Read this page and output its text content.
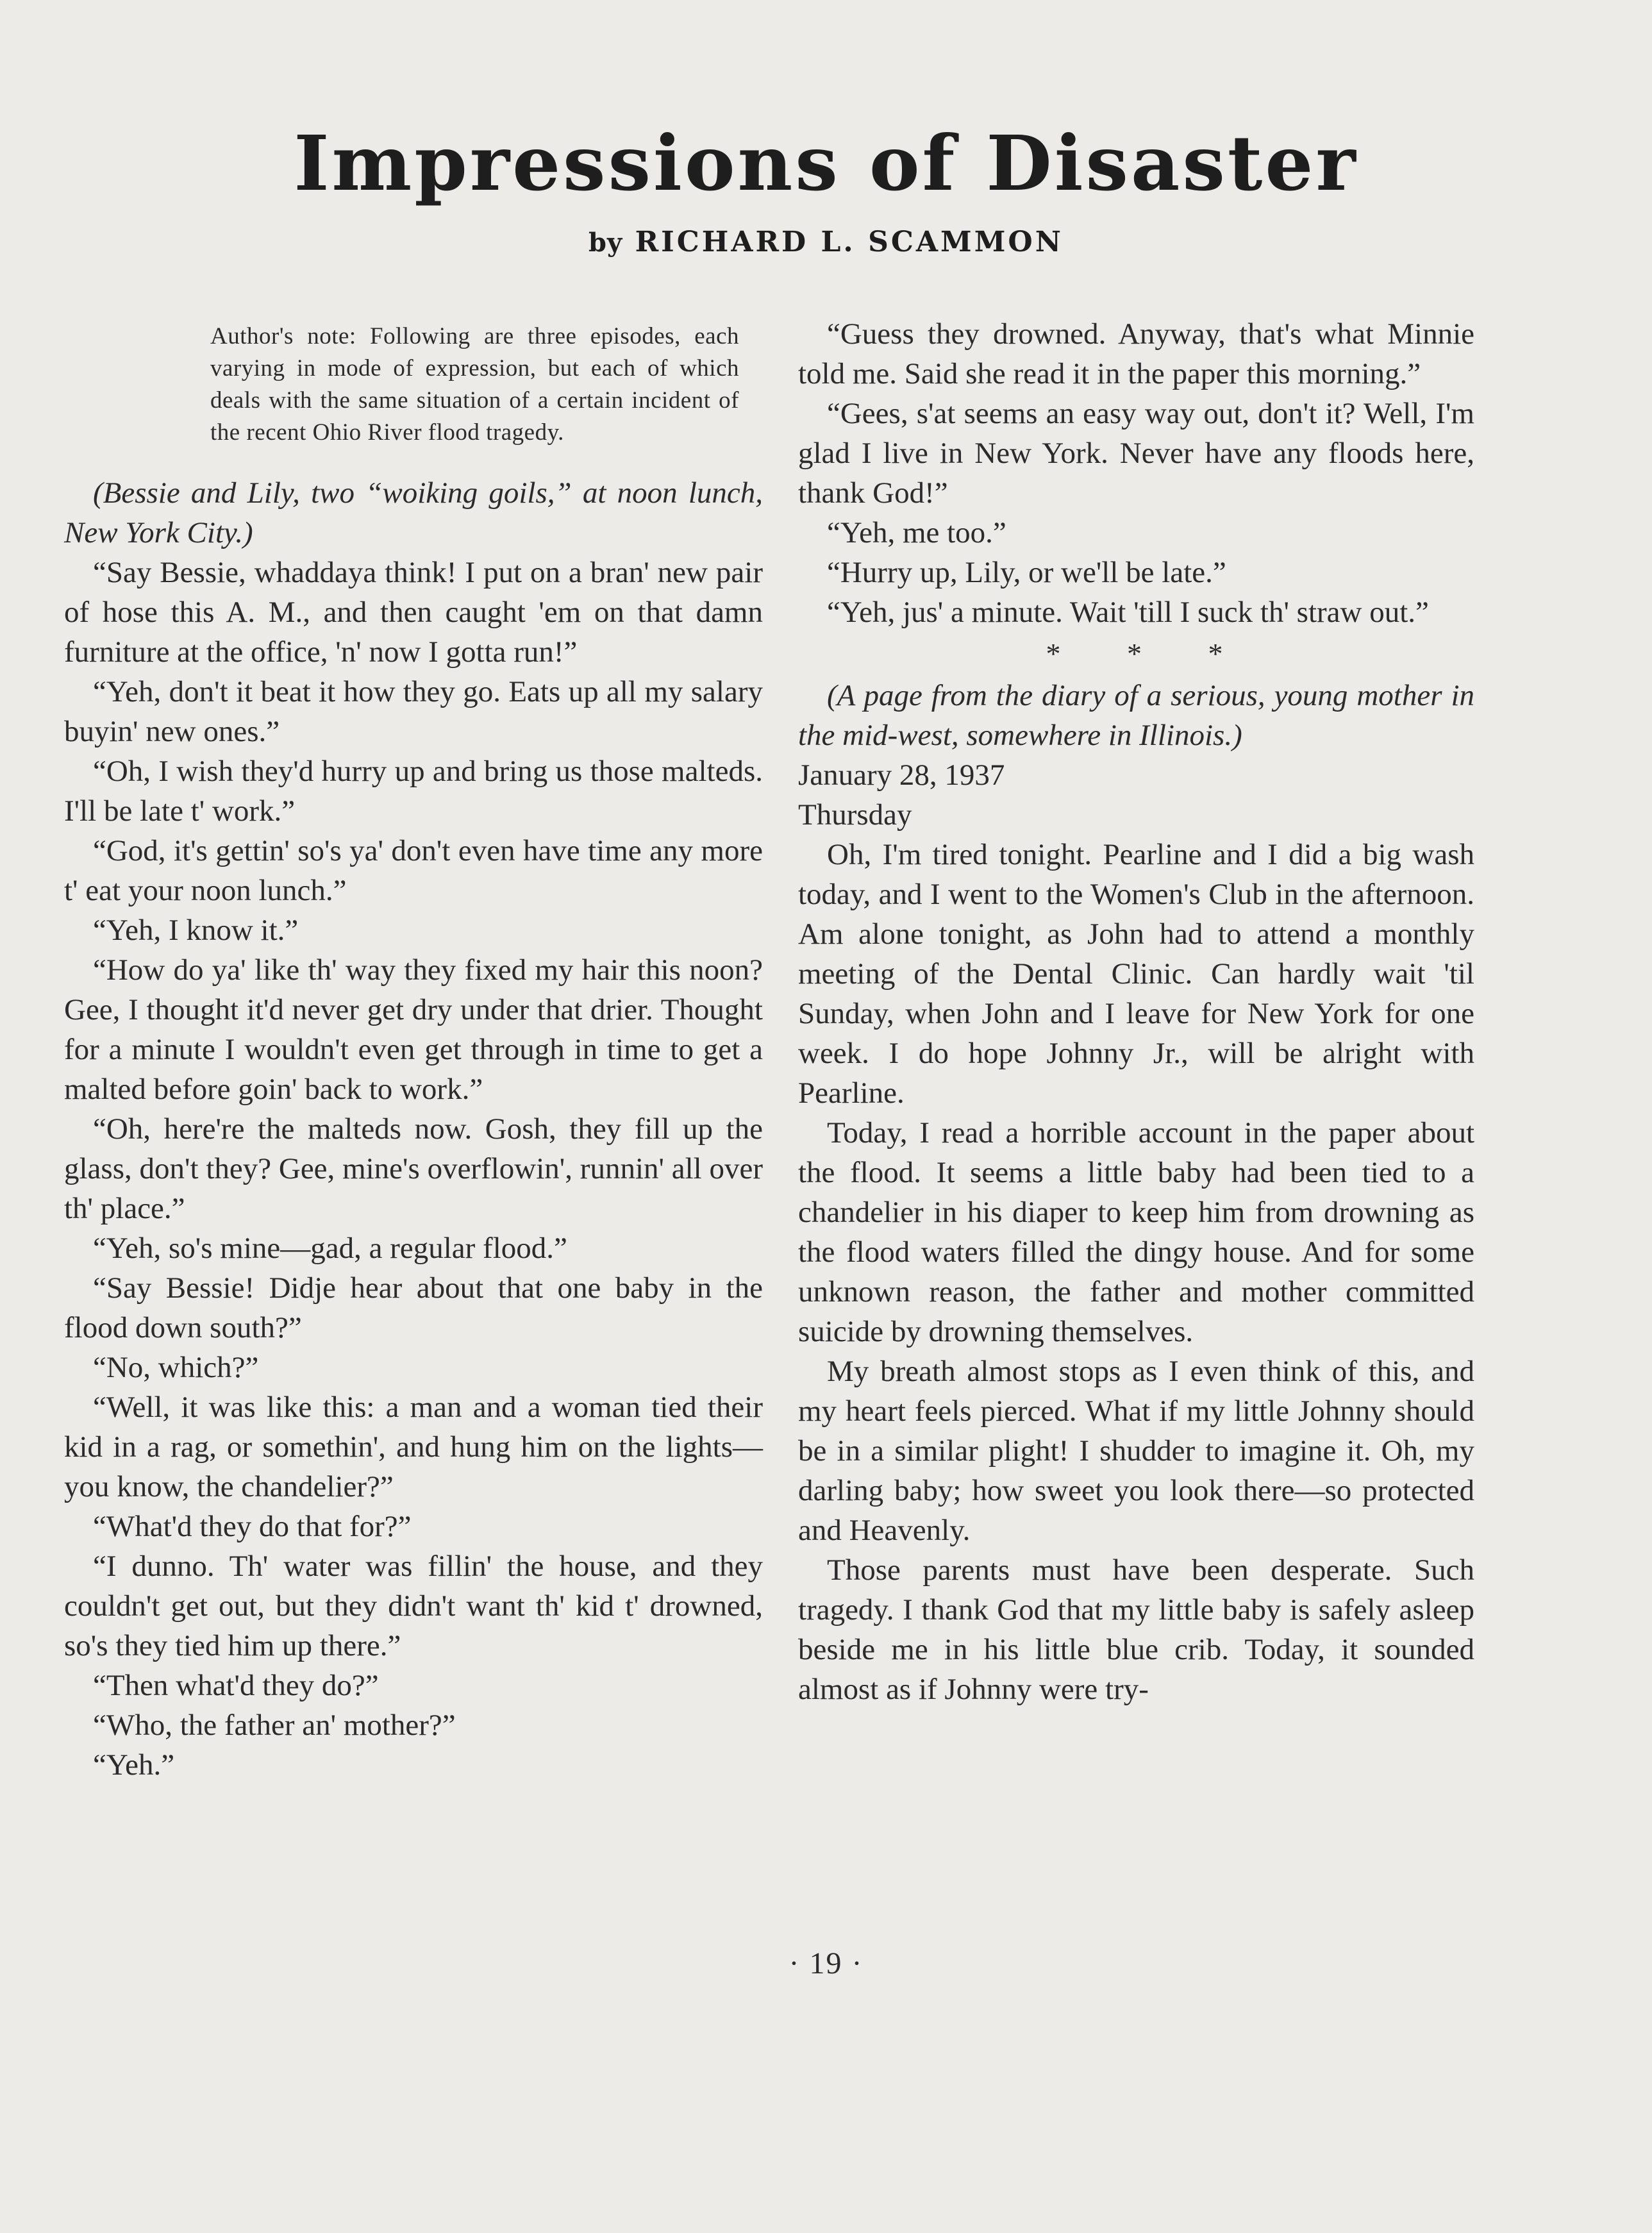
Impressions of Disaster
by RICHARD L. SCAMMON

Author's note: Following are three episodes, each varying in mode of expression, but each of which deals with the same situation of a certain incident of the recent Ohio River flood tragedy.

(Bessie and Lily, two “woiking goils,” at noon lunch, New York City.)

“Say Bessie, whaddaya think! I put on a bran' new pair of hose this A. M., and then caught 'em on that damn furniture at the office, 'n' now I gotta run!”

“Yeh, don't it beat it how they go. Eats up all my salary buyin' new ones.”

“Oh, I wish they'd hurry up and bring us those malteds. I'll be late t' work.”

“God, it's gettin' so's ya' don't even have time any more t' eat your noon lunch.”

“Yeh, I know it.”

“How do ya' like th' way they fixed my hair this noon? Gee, I thought it'd never get dry under that drier. Thought for a minute I wouldn't even get through in time to get a malted before goin' back to work.”

“Oh, here're the malteds now. Gosh, they fill up the glass, don't they? Gee, mine's overflowin', runnin' all over th' place.”

“Yeh, so's mine—gad, a regular flood.”

“Say Bessie! Didje hear about that one baby in the flood down south?”

“No, which?”

“Well, it was like this: a man and a woman tied their kid in a rag, or somethin', and hung him on the lights—you know, the chandelier?”

“What'd they do that for?”

“I dunno. Th' water was fillin' the house, and they couldn't get out, but they didn't want th' kid t' drowned, so's they tied him up there.”

“Then what'd they do?”

“Who, the father an' mother?”

“Yeh.”

“Guess they drowned. Anyway, that's what Minnie told me. Said she read it in the paper this morning.”

“Gees, s'at seems an easy way out, don't it? Well, I'm glad I live in New York. Never have any floods here, thank God!”

“Yeh, me too.”

“Hurry up, Lily, or we'll be late.”

“Yeh, jus' a minute. Wait 'till I suck th' straw out.”

* * *

(A page from the diary of a serious, young mother in the mid-west, somewhere in Illinois.)

January 28, 1937
Thursday

Oh, I'm tired tonight. Pearline and I did a big wash today, and I went to the Women's Club in the afternoon. Am alone tonight, as John had to attend a monthly meeting of the Dental Clinic. Can hardly wait 'til Sunday, when John and I leave for New York for one week. I do hope Johnny Jr., will be alright with Pearline.

Today, I read a horrible account in the paper about the flood. It seems a little baby had been tied to a chandelier in his diaper to keep him from drowning as the flood waters filled the dingy house. And for some unknown reason, the father and mother committed suicide by drowning themselves.

My breath almost stops as I even think of this, and my heart feels pierced. What if my little Johnny should be in a similar plight! I shudder to imagine it. Oh, my darling baby; how sweet you look there—so protected and Heavenly.

Those parents must have been desperate. Such tragedy. I thank God that my little baby is safely asleep beside me in his little blue crib. Today, it sounded almost as if Johnny were try-

· 19 ·
